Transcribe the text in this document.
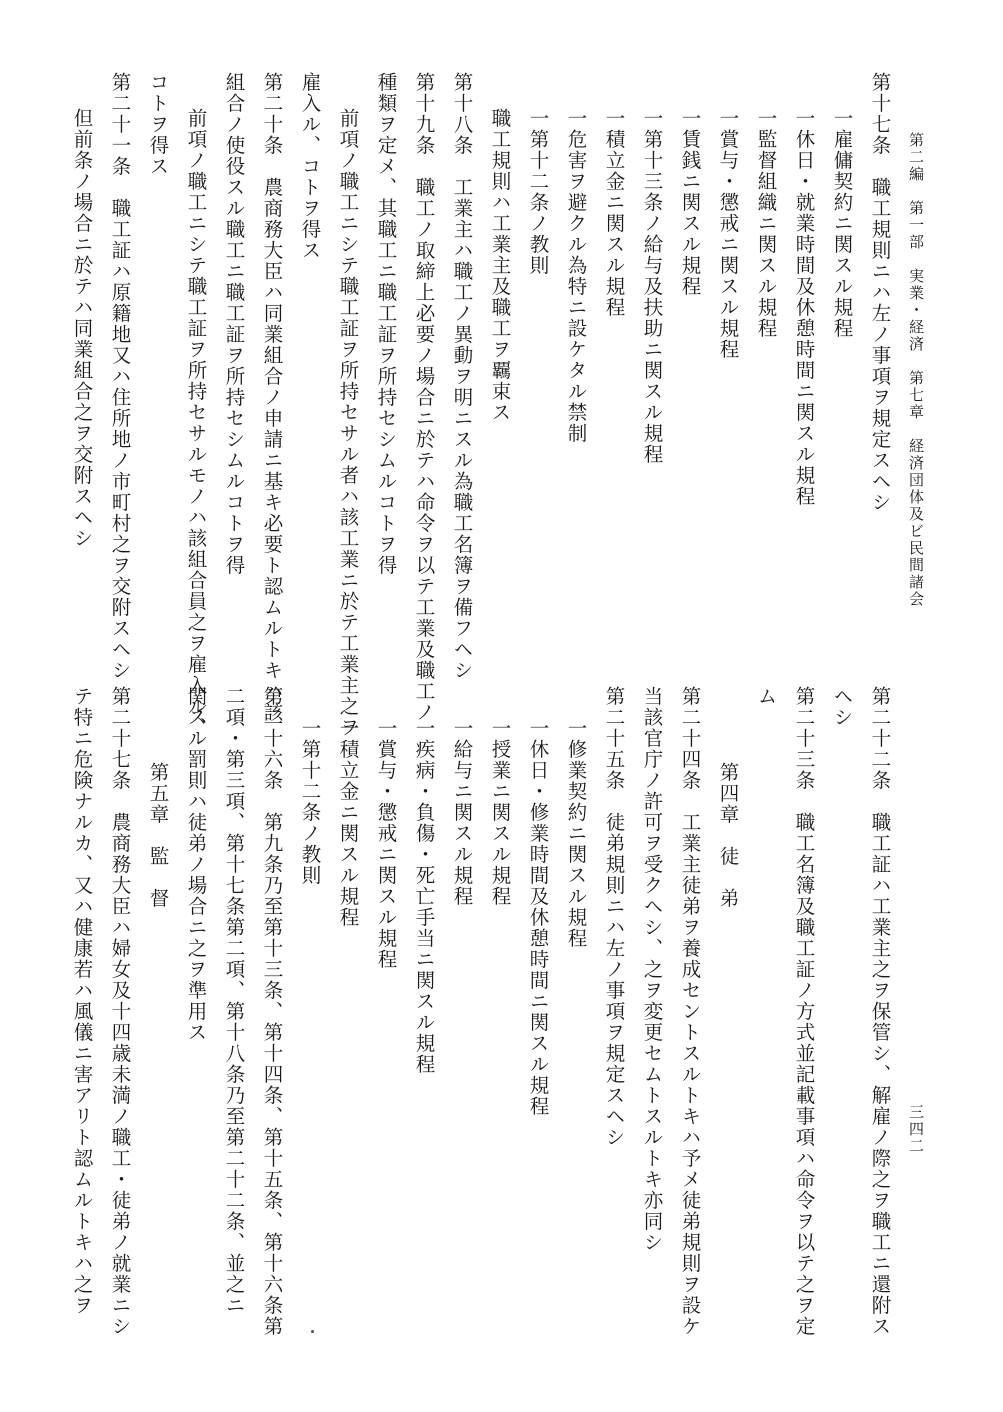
第二編　第一部　実業・経済　第七章　経済団体及ビ民間諸会
三四二
第十七条　職工規則ニハ左ノ事項ヲ規定スヘシ
一雇傭契約ニ関スル規程
一休日・就業時間及休憩時間ニ関スル規程
一監督組織ニ関スル規程
一賞与・懲戒ニ関スル規程
一賃銭ニ関スル規程
一第十三条ノ給与及扶助ニ関スル規程
一積立金ニ関スル規程
一危害ヲ避クル為特ニ設ケタル禁制
一第十二条ノ教則
職工規則ハ工業主及職工ヲ覊束ス
第十八条　工業主ハ職工ノ異動ヲ明ニスル為職工名簿ヲ備フヘシ
第十九条　職工ノ取締上必要ノ場合ニ於テハ命令ヲ以テ工業及職工ノ
種類ヲ定メ、其職工ニ職工証ヲ所持セシムルコトヲ得
前項ノ職工ニシテ職工証ヲ所持セサル者ハ該工業ニ於テ工業主之ヲ
雇入ル、コトヲ得ス
第二十条　農商務大臣ハ同業組合ノ申請ニ基キ必要ト認ムルトキハ該
組合ノ使役スル職工ニ職工証ヲ所持セシムルコトヲ得
前項ノ職工ニシテ職工証ヲ所持セサルモノハ該組合員之ヲ雇入ル、
コトヲ得ス
第二十一条　職工証ハ原籍地又ハ住所地ノ市町村之ヲ交附スヘシ
但前条ノ場合ニ於テハ同業組合之ヲ交附スヘシ
第二十二条　職工証ハ工業主之ヲ保管シ、解雇ノ際之ヲ職工ニ還附ス
ヘシ
第二十三条　職工名簿及職工証ノ方式並記載事項ハ命令ヲ以テ之ヲ定
ム
第四章　徒　弟
第二十四条　工業主徒弟ヲ養成セントスルトキハ予メ徒弟規則ヲ設ケ
当該官庁ノ許可ヲ受クヘシ、之ヲ変更セムトスルトキ亦同シ
第二十五条　徒弟規則ニハ左ノ事項ヲ規定スヘシ
一修業契約ニ関スル規程
一休日・修業時間及休憩時間ニ関スル規程
一授業ニ関スル規程
一給与ニ関スル規程
一疾病・負傷・死亡手当ニ関スル規程
一賞与・懲戒ニ関スル規程
一積立金ニ関スル規程
一第十二条ノ教則
第二十六条　第九条乃至第十三条、第十四条、第十五条、第十六条第
二項・第三項、第十七条第二項、第十八条乃至第二十二条、並之ニ
関スル罰則ハ徒弟ノ場合ニ之ヲ準用ス
第五章　監　督
第二十七条　農商務大臣ハ婦女及十四歳未満ノ職工・徒弟ノ就業ニシ
テ特ニ危険ナルカ、又ハ健康若ハ風儀ニ害アリト認ムルトキハ之ヲ
